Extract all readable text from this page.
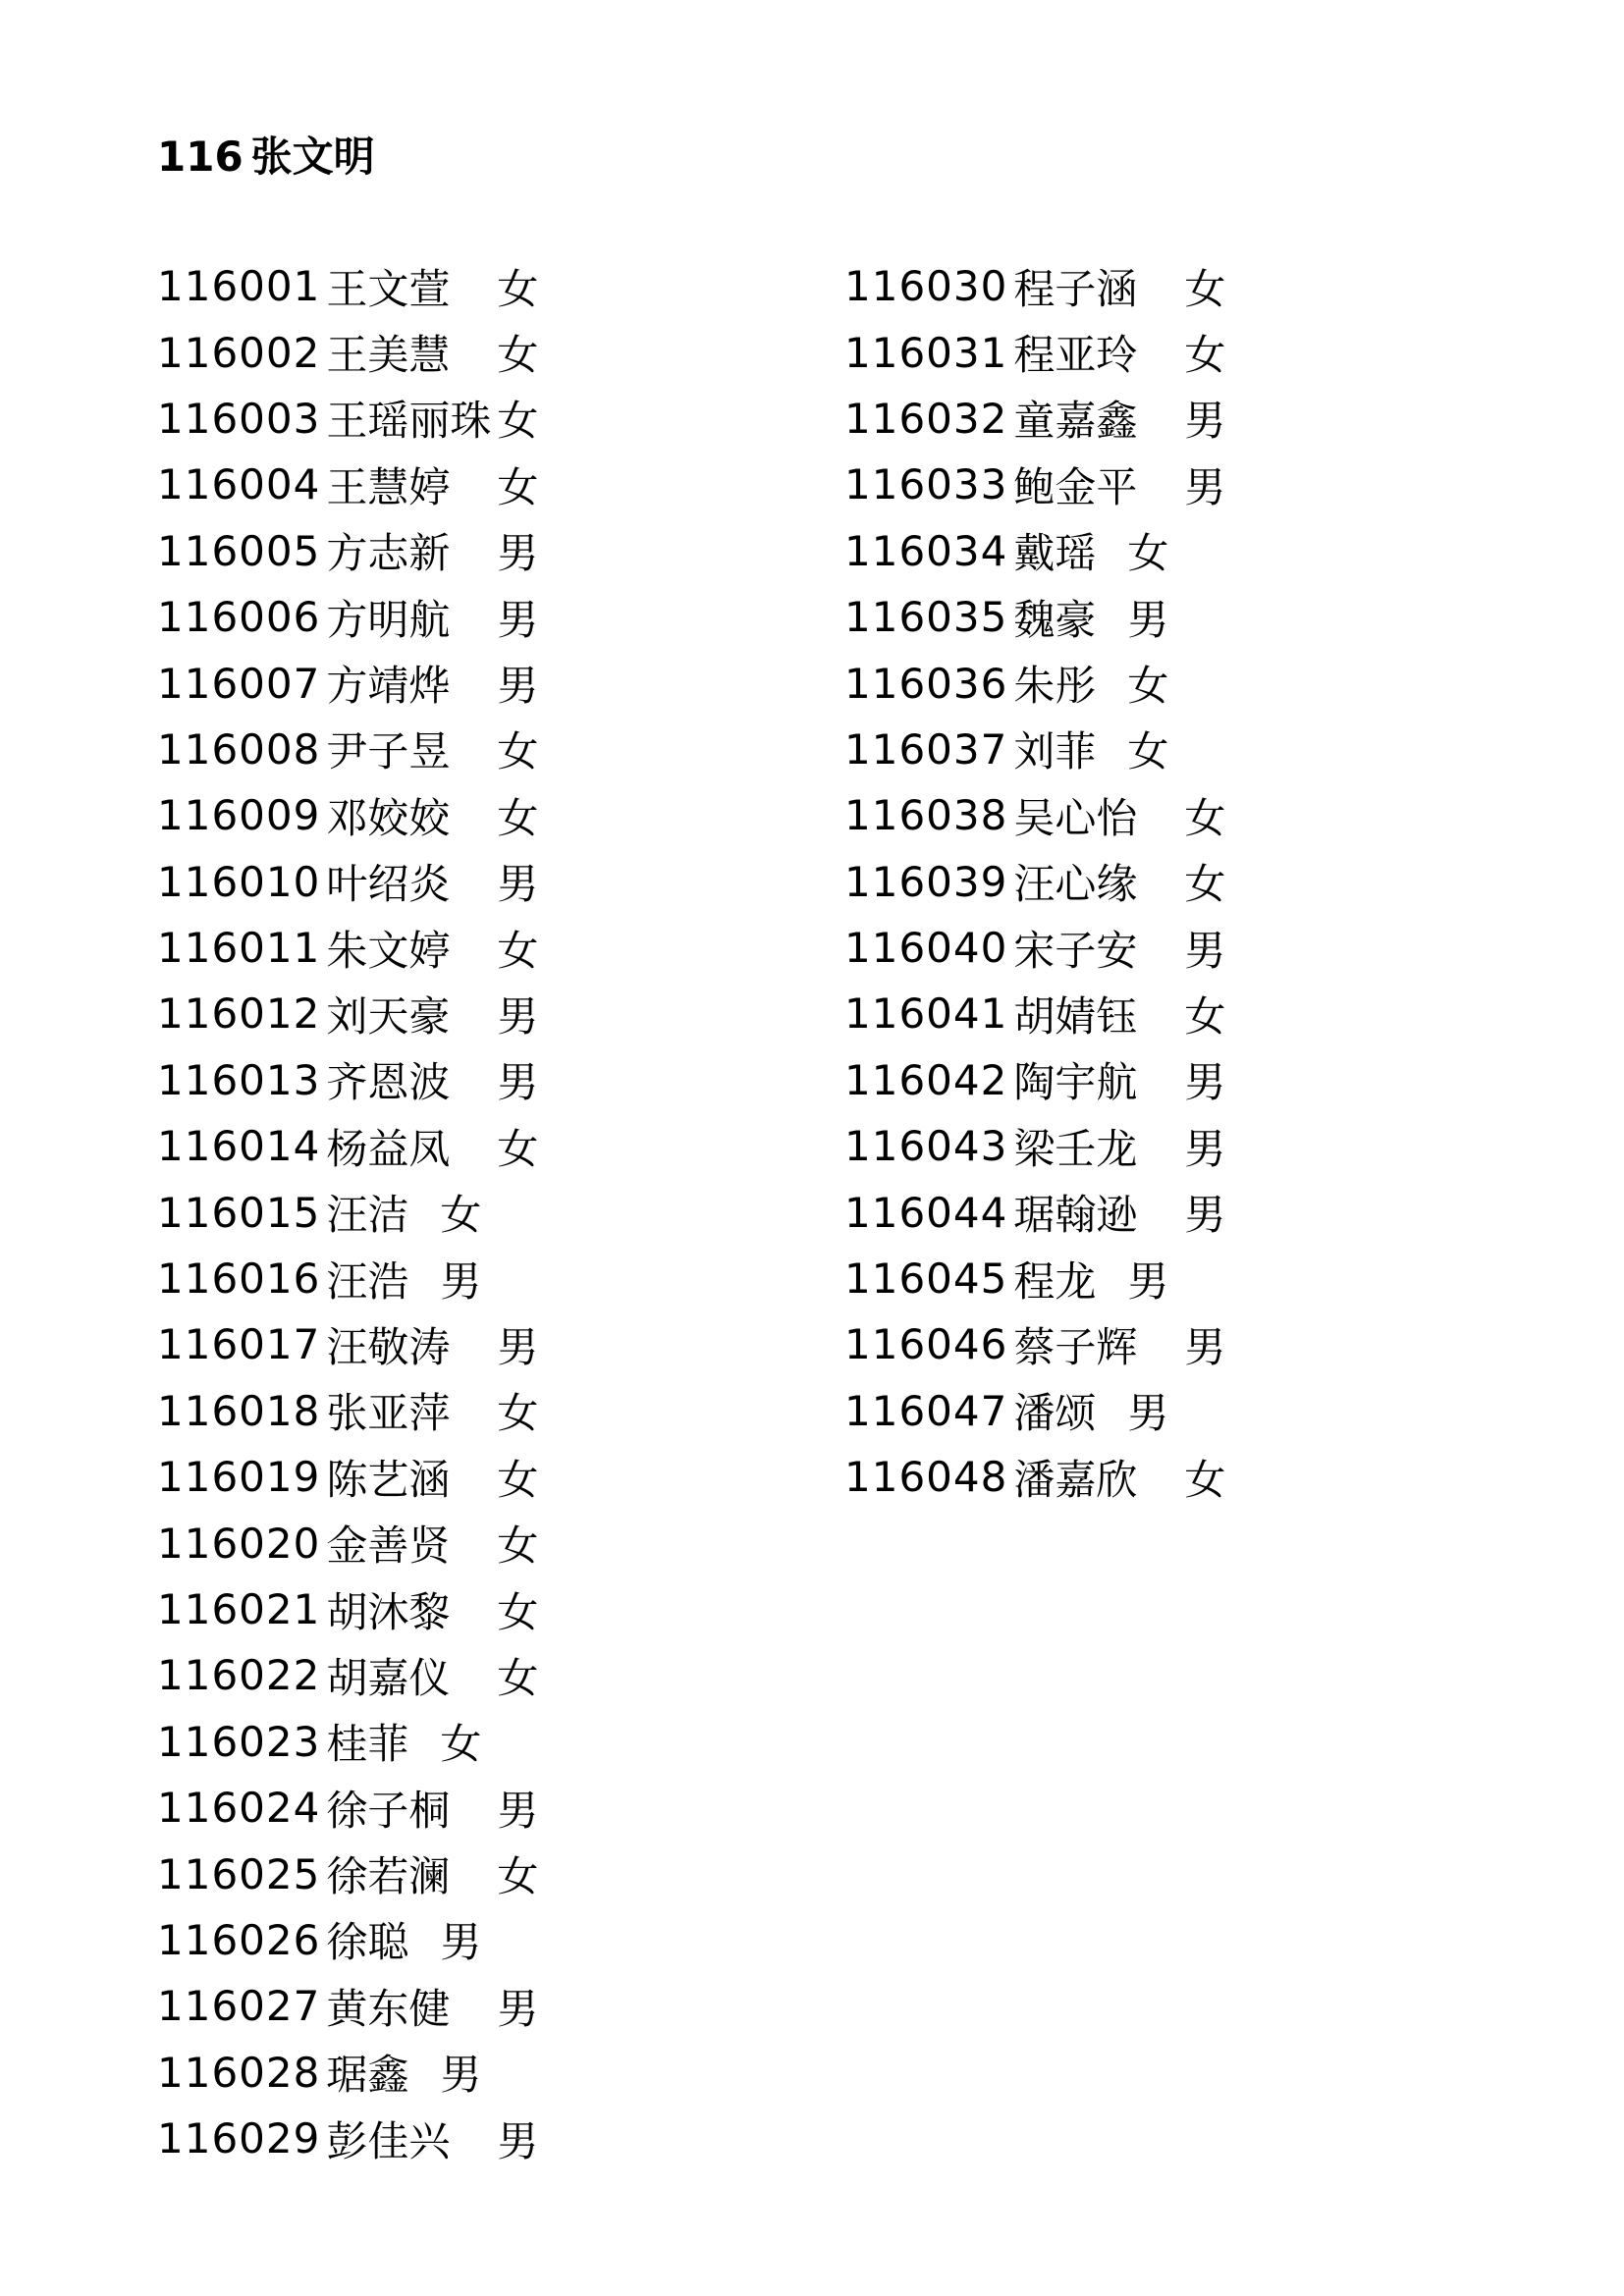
116 张文明
116001 王文萱	女
116002 王美慧	女
116003 王瑶丽珠 女
116004 王慧婷	女
116005 方志新	男
116006 方明航	男
116007 方靖烨	男
116008 尹子昱	女
116009 邓姣姣	女
116010 叶绍炎	男
116011 朱文婷	女
116012 刘天豪	男
116013 齐恩波	男
116014 杨益凤	女
116015 汪洁 女
116016 汪浩 男
116017 汪敬涛	男
116018 张亚萍	女
116019 陈艺涵	女
116020 金善贤	女
116021 胡沐黎	女
116022 胡嘉仪	女
116023 桂菲 女
116024 徐子桐	男
116025 徐若澜	女
116026 徐聪 男
116027 黄东健	男
116028 琚鑫 男
116029 彭佳兴	男
116030 程子涵	女
116031 程亚玲	女
116032 童嘉鑫	男
116033 鲍金平	男
116034 戴瑶 女
116035 魏豪 男
116036 朱彤 女
116037 刘菲 女
116038 吴心怡	女
116039 汪心缘	女
116040 宋子安	男
116041 胡婧钰	女
116042 陶宇航	男
116043 梁壬龙	男
116044 琚翰逊	男
116045 程龙 男
116046 蔡子辉	男
116047 潘颂 男
116048 潘嘉欣	女
